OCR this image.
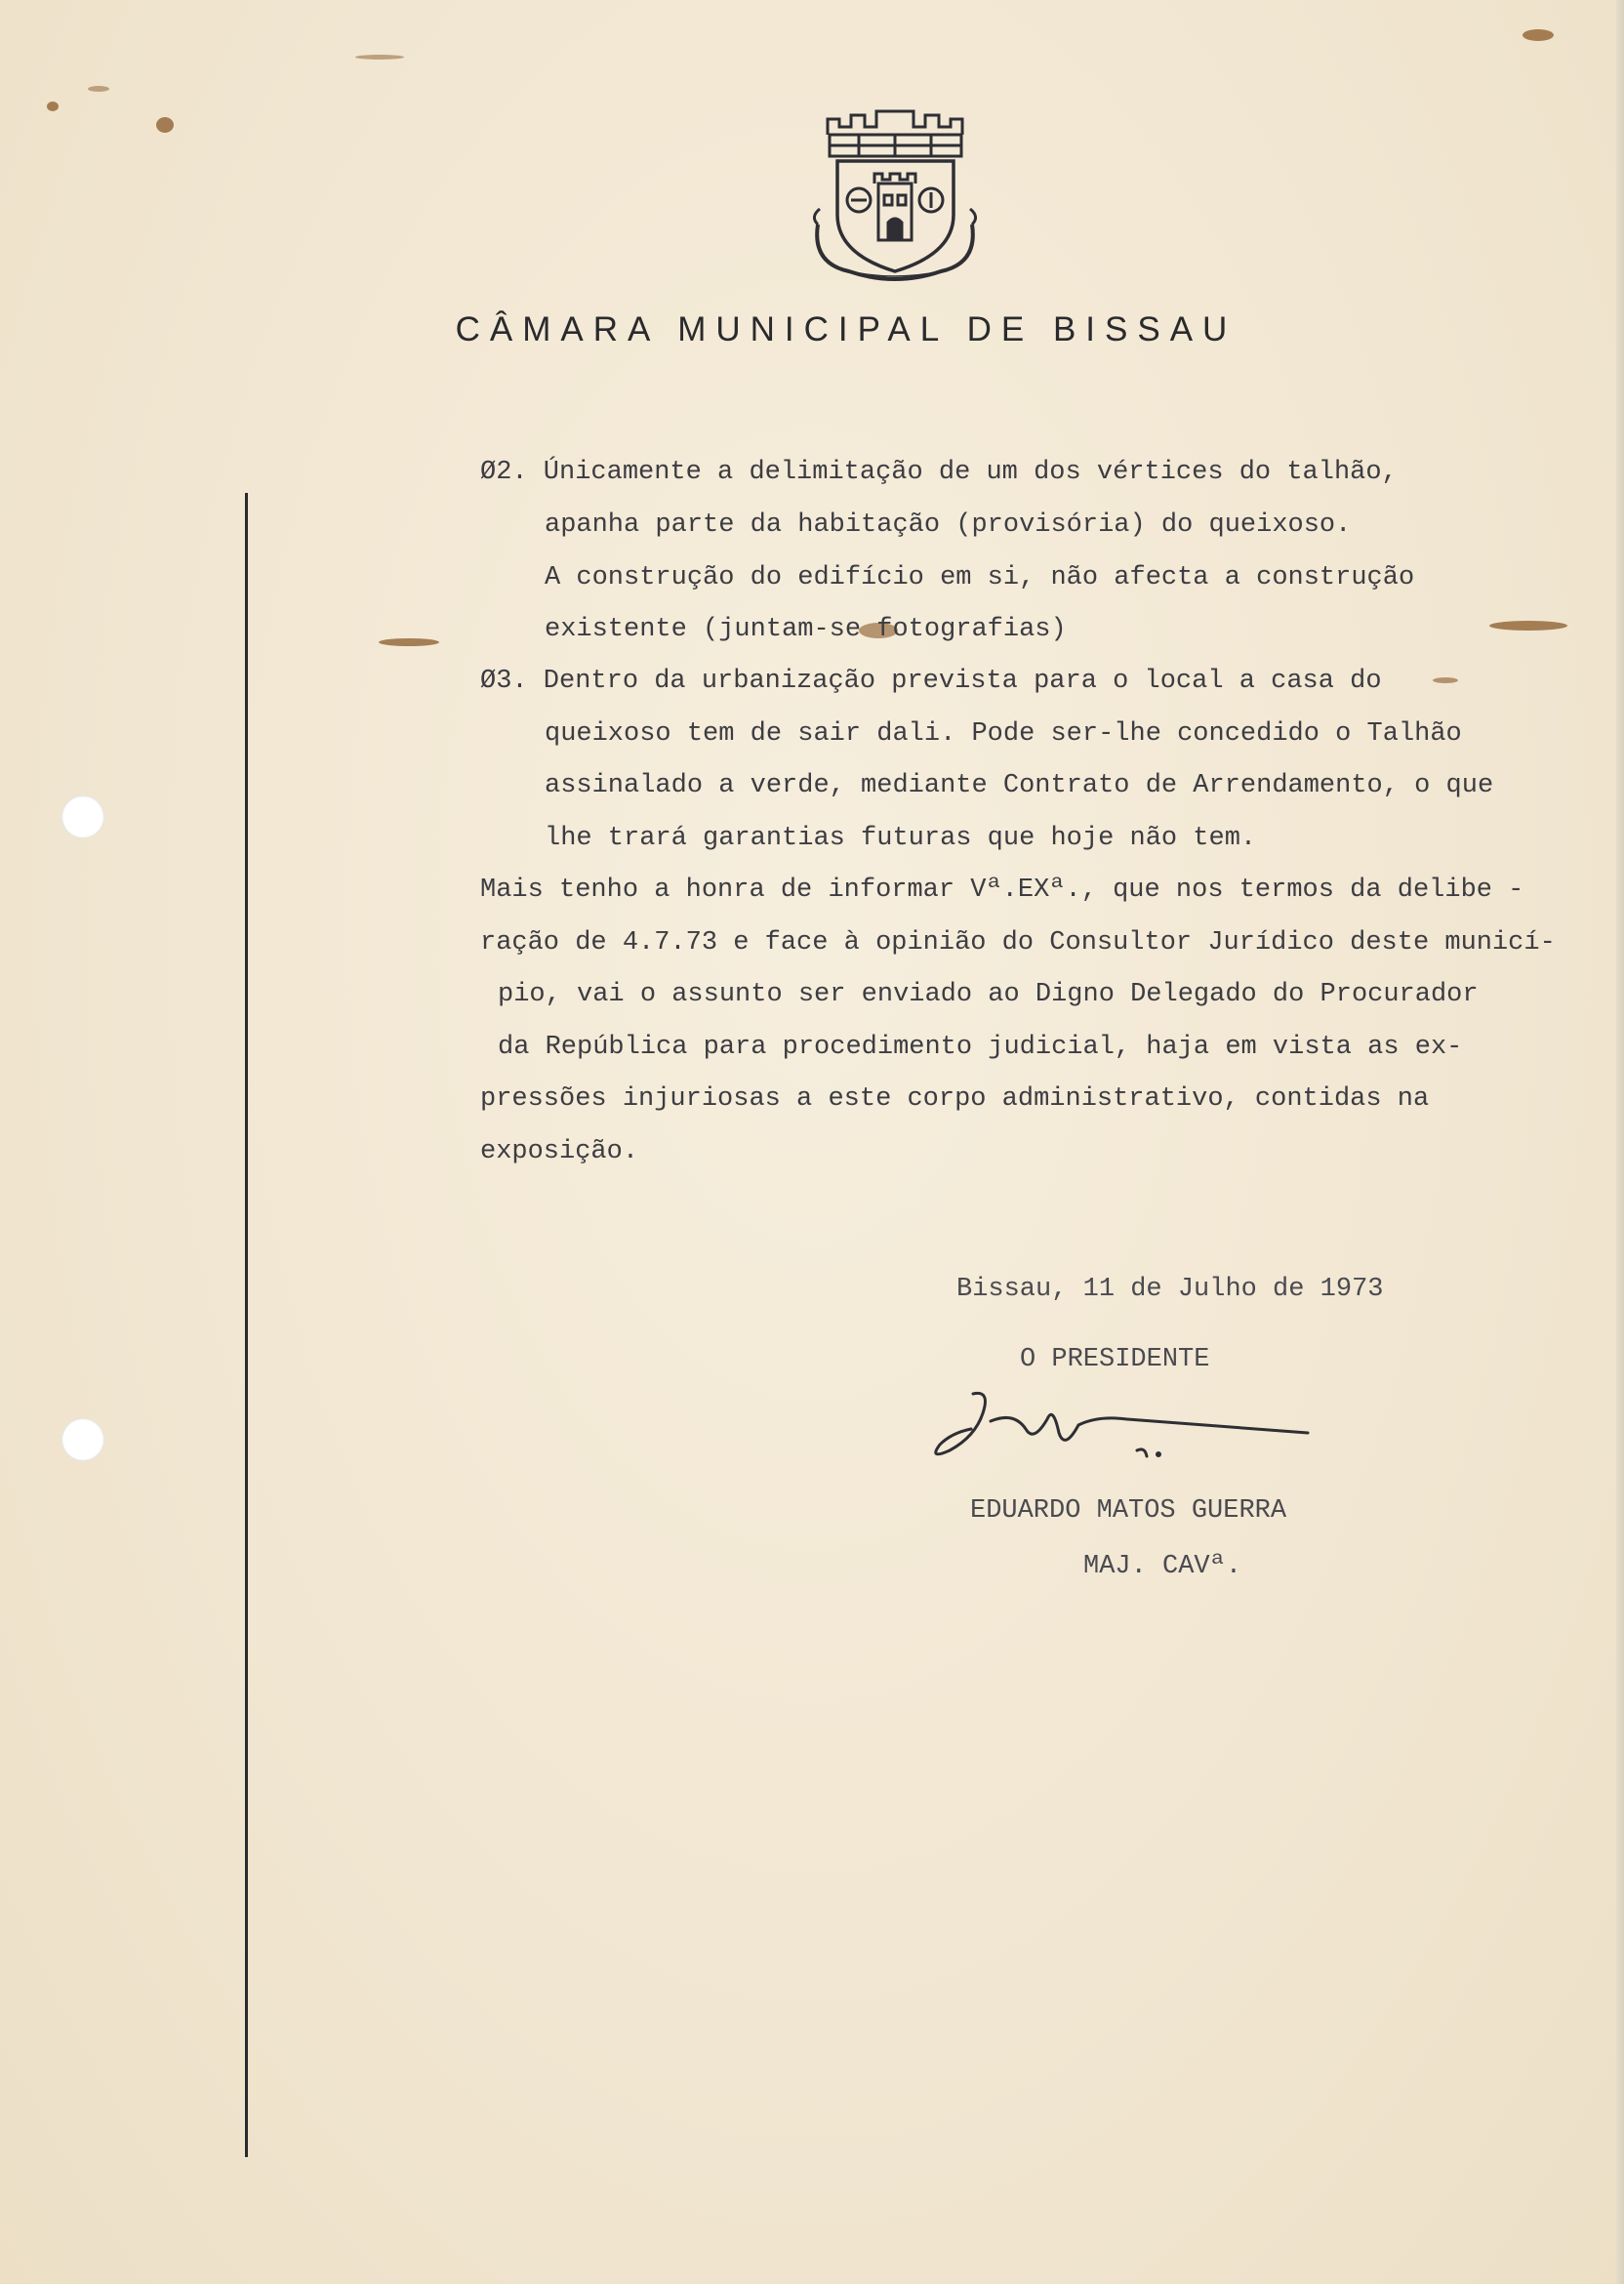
CÂMARA MUNICIPAL DE BISSAU
Ø2. Únicamente a delimitação de um dos vértices do talhão,
apanha parte da habitação (provisória) do queixoso.
A construção do edifício em si, não afecta a construção
existente (juntam-se fotografias)
Ø3. Dentro da urbanização prevista para o local a casa do
queixoso tem de sair dali. Pode ser-lhe concedido o Talhão
assinalado a verde, mediante Contrato de Arrendamento, o que
lhe trará garantias futuras que hoje não tem.
Mais tenho a honra de informar Vª.EXª., que nos termos da delibe -
ração de 4.7.73 e face à opinião do Consultor Jurídico deste municí-
pio, vai o assunto ser enviado ao Digno Delegado do Procurador
da República para procedimento judicial, haja em vista as ex-
pressões injuriosas a este corpo administrativo, contidas na
exposição.
Bissau, 11 de Julho de 1973
O PRESIDENTE
EDUARDO MATOS GUERRA
MAJ. CAVª.
